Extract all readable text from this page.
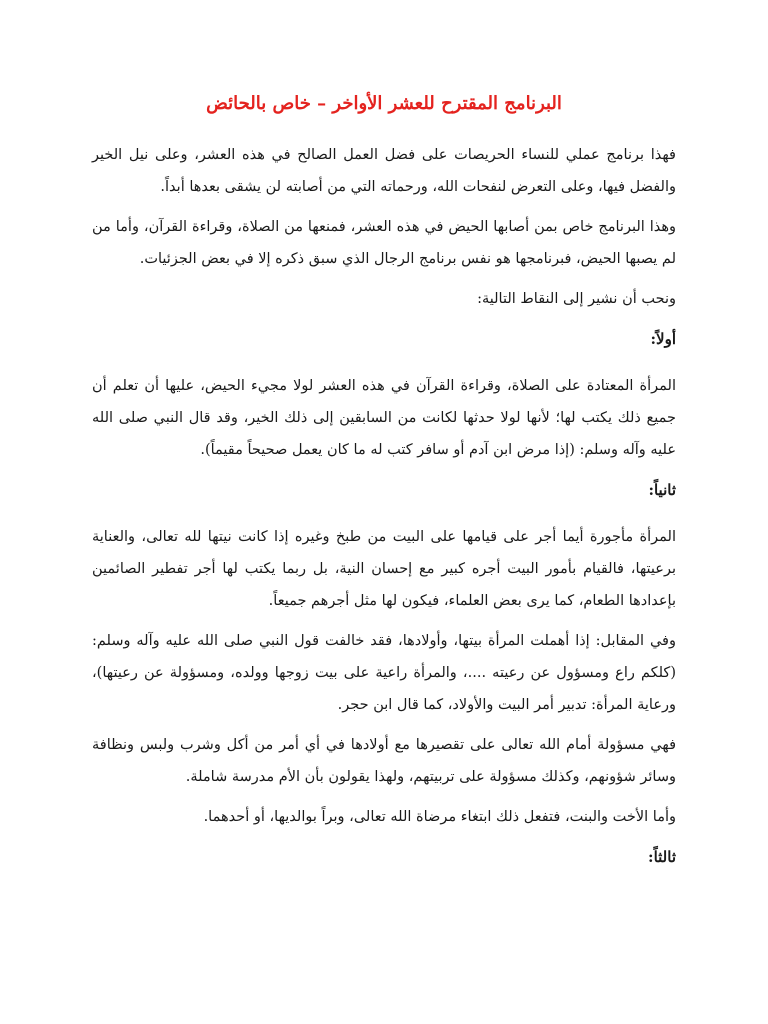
البرنامج المقترح للعشر الأواخر – خاص بالحائض

فهذا برنامج عملي للنساء الحريصات على فضل العمل الصالح في هذه العشر، وعلى نيل الخير والفضل فيها، وعلى التعرض لنفحات الله، ورحماته التي من أصابته لن يشقى بعدها أبداً.

وهذا البرنامج خاص بمن أصابها الحيض في هذه العشر، فمنعها من الصلاة، وقراءة القرآن، وأما من لم يصبها الحيض، فبرنامجها هو نفس برنامج الرجال الذي سبق ذكره إلا في بعض الجزئيات.

ونحب أن نشير إلى النقاط التالية:

أولاً:

المرأة المعتادة على الصلاة، وقراءة القرآن في هذه العشر لولا مجيء الحيض، عليها أن تعلم أن جميع ذلك يكتب لها؛ لأنها لولا حدثها لكانت من السابقين إلى ذلك الخير، وقد قال النبي صلى الله عليه وآله وسلم: (إذا مرض ابن آدم أو سافر كتب له ما كان يعمل صحيحاً مقيماً).

ثانياً:

المرأة مأجورة أيما أجر على قيامها على البيت من طبخ وغيره إذا كانت نيتها لله تعالى، والعناية برعيتها، فالقيام بأمور البيت أجره كبير مع إحسان النية، بل ربما يكتب لها أجر تفطير الصائمين بإعدادها الطعام، كما يرى بعض العلماء، فيكون لها مثل أجرهم جميعاً.

وفي المقابل: إذا أهملت المرأة بيتها، وأولادها، فقد خالفت قول النبي صلى الله عليه وآله وسلم: (كلكم راع ومسؤول عن رعيته ....، والمرأة راعية على بيت زوجها وولده، ومسؤولة عن رعيتها)، ورعاية المرأة: تدبير أمر البيت والأولاد، كما قال ابن حجر.

فهي مسؤولة أمام الله تعالى على تقصيرها مع أولادها في أي أمر من أكل وشرب ولبس ونظافة وسائر شؤونهم، وكذلك مسؤولة على تربيتهم، ولهذا يقولون بأن الأم مدرسة شاملة.

وأما الأخت والبنت، فتفعل ذلك ابتغاء مرضاة الله تعالى، وبراً بوالديها، أو أحدهما.

ثالثاً:
